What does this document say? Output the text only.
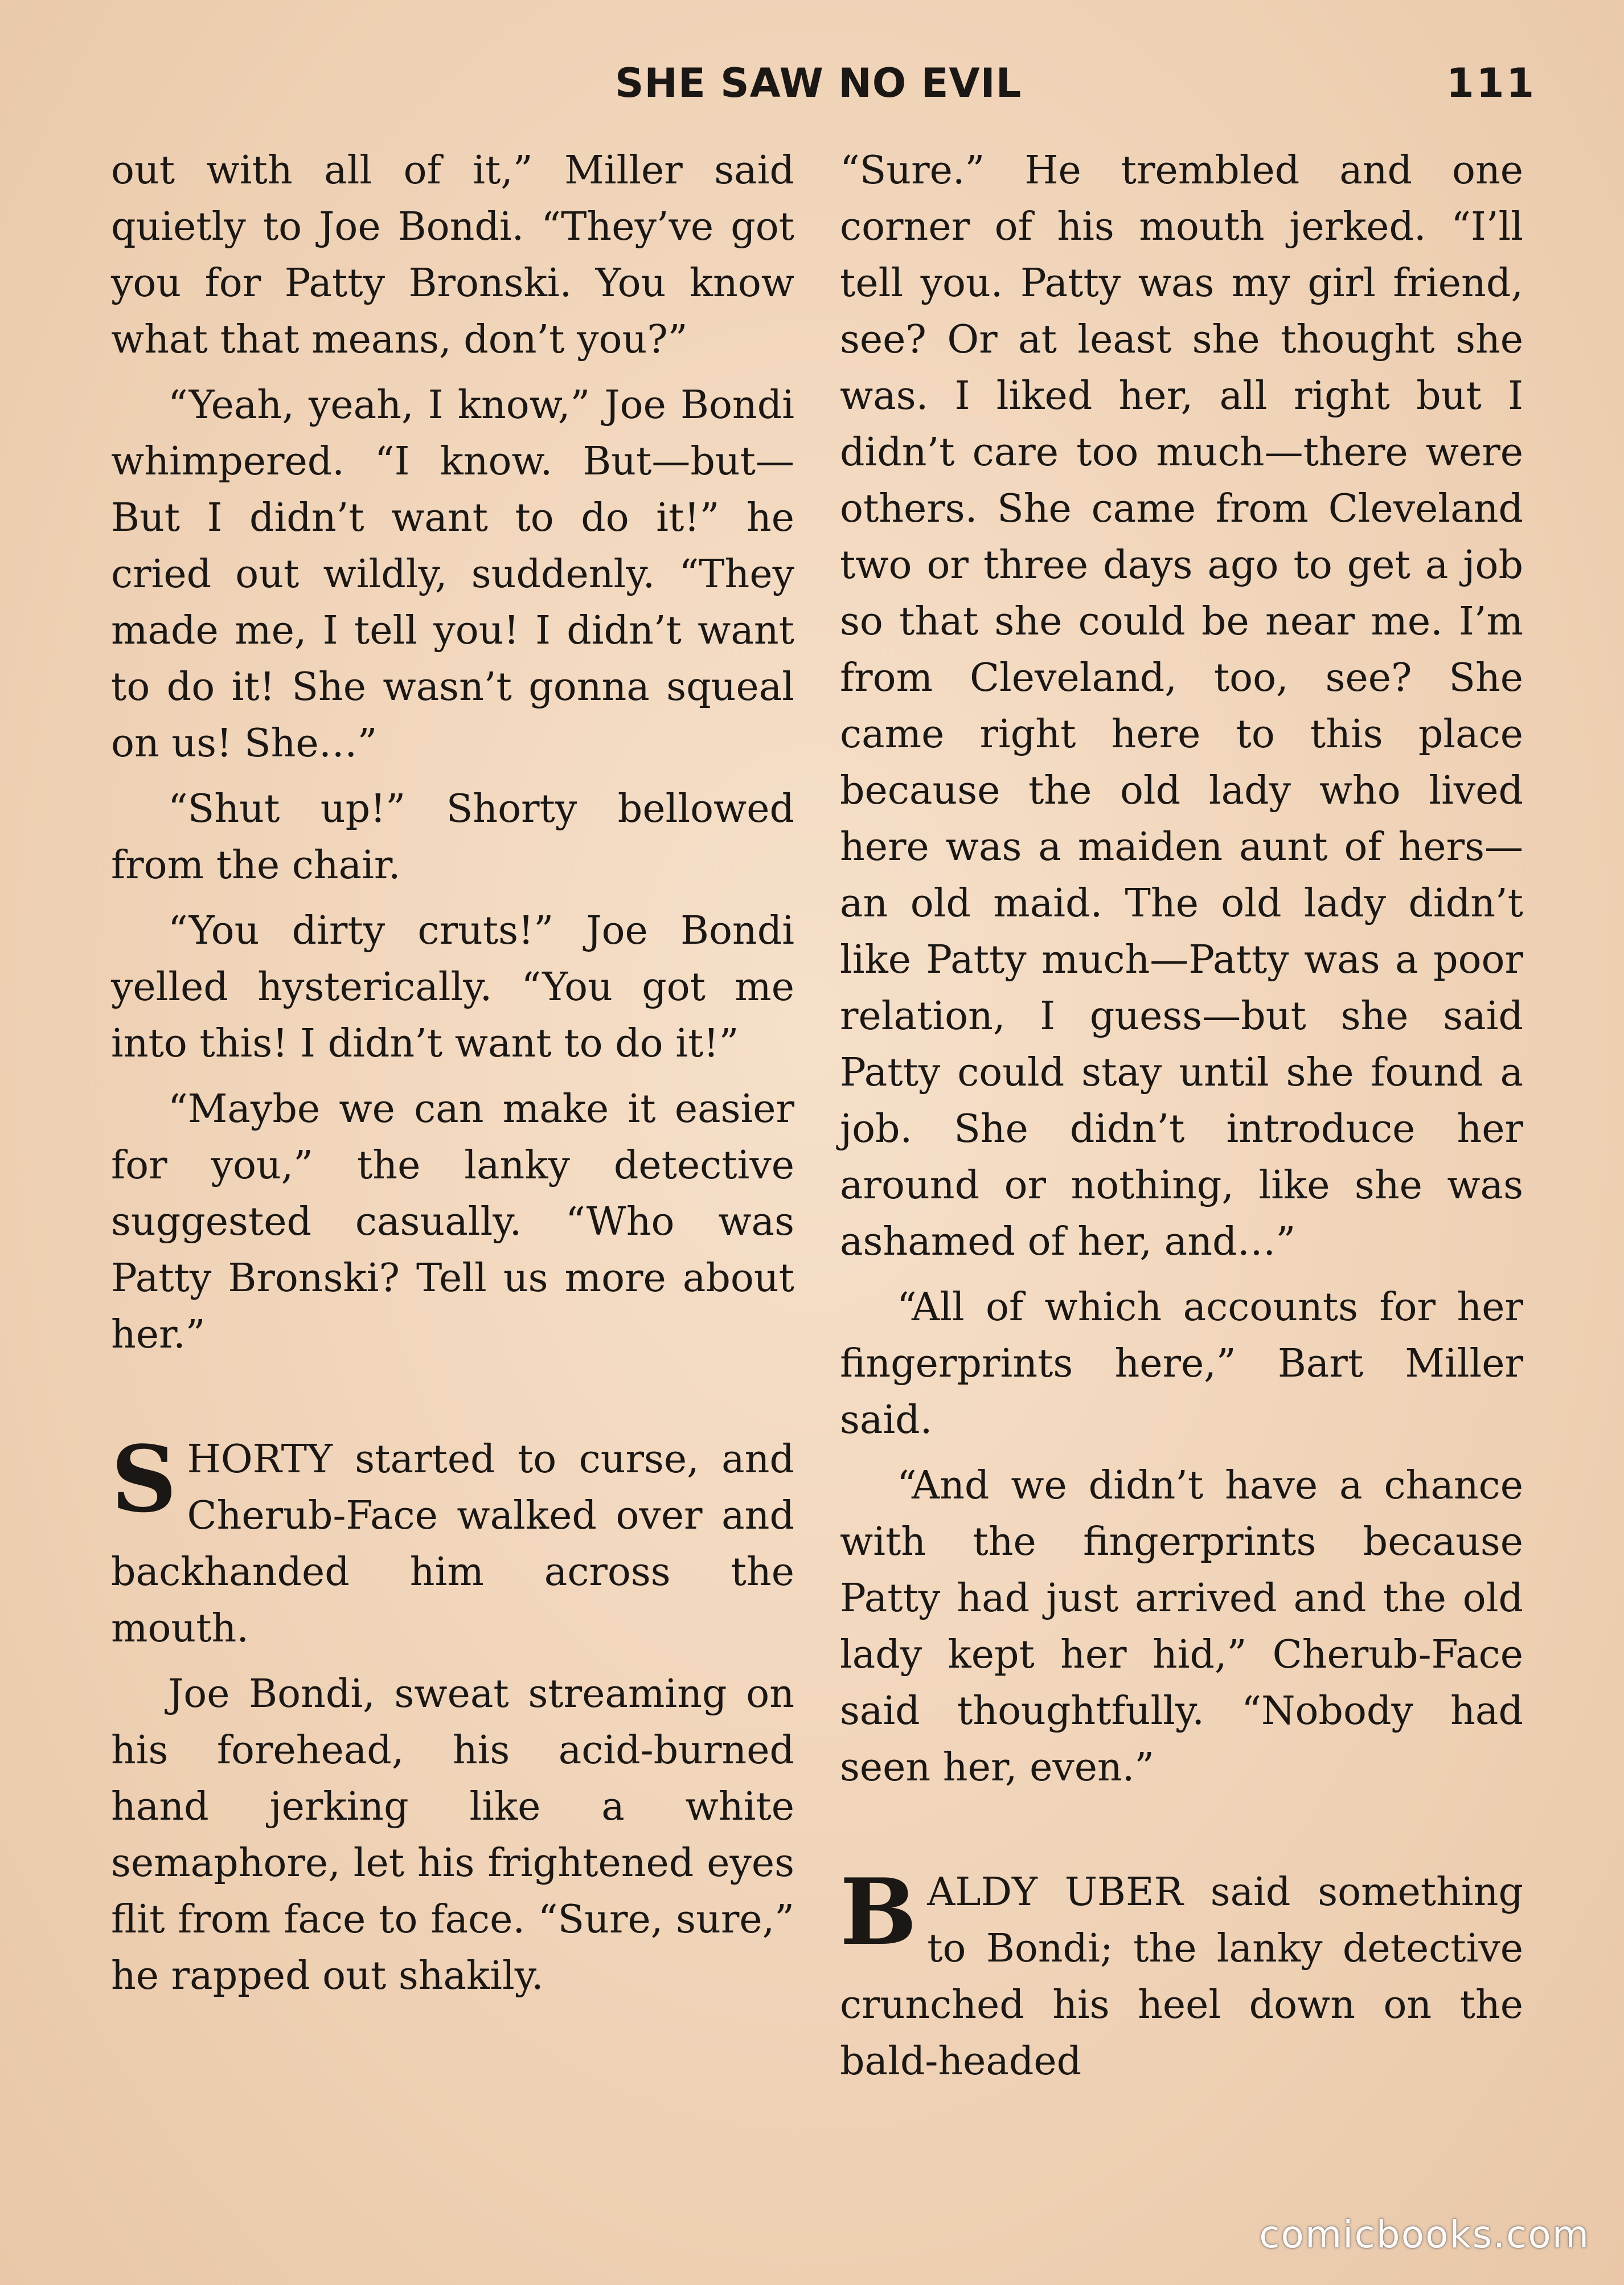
SHE SAW NO EVIL	111

out with all of it,” Miller said quietly to Joe Bondi. “They’ve got you for Patty Bronski. You know what that means, don’t you?”

“Yeah, yeah, I know,” Joe Bondi whimpered. “I know. But—but— But I didn’t want to do it!” he cried out wildly, suddenly. “They made me, I tell you! I didn’t want to do it! She wasn’t gonna squeal on us! She…”

“Shut up!” Shorty bellowed from the chair.

“You dirty cruts!” Joe Bondi yelled hysterically. “You got me into this! I didn’t want to do it!”

“Maybe we can make it easier for you,” the lanky detective suggested casually. “Who was Patty Bronski? Tell us more about her.”

SHORTY started to curse, and Cherub-Face walked over and backhanded him across the mouth.

Joe Bondi, sweat streaming on his forehead, his acid-burned hand jerking like a white semaphore, let his frightened eyes flit from face to face. “Sure, sure,” he rapped out shakily.

“Sure.” He trembled and one corner of his mouth jerked. “I’ll tell you. Patty was my girl friend, see? Or at least she thought she was. I liked her, all right but I didn’t care too much—there were others. She came from Cleveland two or three days ago to get a job so that she could be near me. I’m from Cleveland, too, see? She came right here to this place because the old lady who lived here was a maiden aunt of hers—an old maid. The old lady didn’t like Patty much—Patty was a poor relation, I guess—but she said Patty could stay until she found a job. She didn’t introduce her around or nothing, like she was ashamed of her, and…”

“All of which accounts for her fingerprints here,” Bart Miller said.

“And we didn’t have a chance with the fingerprints because Patty had just arrived and the old lady kept her hid,” Cherub-Face said thoughtfully. “Nobody had seen her, even.”

BALDY UBER said something to Bondi; the lanky detective crunched his heel down on the bald-headed

comicbooks.com
